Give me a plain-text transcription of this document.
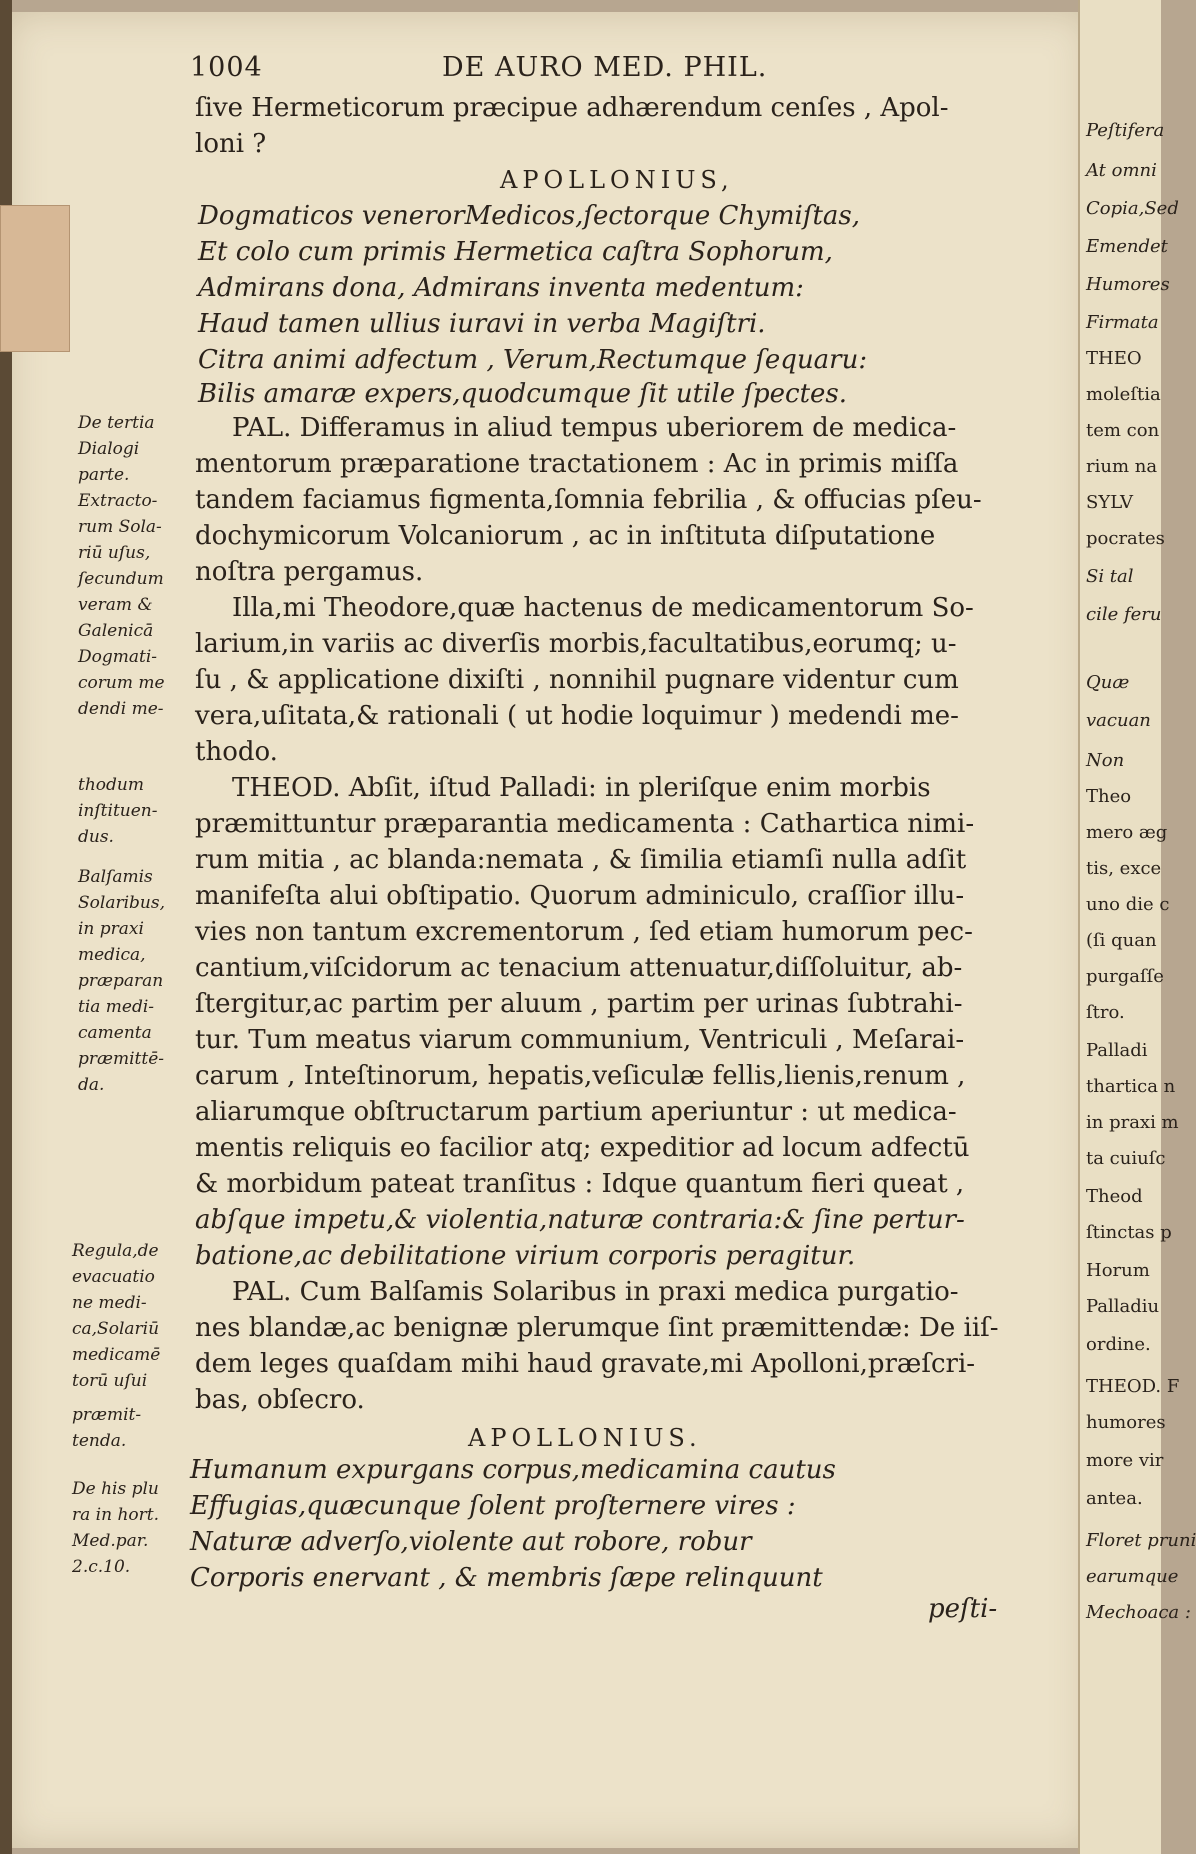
1004	DE AURO MED. PHIL.
ſive Hermeticorum præcipue adhærendum cenſes , Apol-
loni ?
APOLLONIUS,
Dogmaticos venerorMedicos,ſectorque Chymiſtas,
Et colo cum primis Hermetica caſtra Sophorum,
Admirans dona, Admirans inventa medentum:
Haud tamen ullius iuravi in verba Magiſtri.
Citra animi adfectum , Verum,Rectumque ſequaru:
Bilis amaræ expers,quodcumque ſit utile ſpectes.
PAL. Differamus in aliud tempus uberiorem de medica-
mentorum præparatione tractationem : Ac in primis miſſa
tandem faciamus figmenta,ſomnia febrilia , & offucias pſeu-
dochymicorum Volcaniorum , ac in inſtituta diſputatione
noſtra pergamus.
Illa,mi Theodore,quæ hactenus de medicamentorum So-
larium,in variis ac diverſis morbis,facultatibus,eorumq; u-
ſu , & applicatione dixiſti , nonnihil pugnare videntur cum
vera,uſitata,& rationali ( ut hodie loquimur ) medendi me-
thodo.
THEOD. Abſit, iſtud Palladi: in pleriſque enim morbis
præmittuntur præparantia medicamenta : Cathartica nimi-
rum mitia , ac blanda:nemata , & ſimilia etiamſi nulla adſit
manifeſta alui obſtipatio. Quorum adminiculo, craſſior illu-
vies non tantum excrementorum , ſed etiam humorum pec-
cantium,viſcidorum ac tenacium attenuatur,diſſoluitur, ab-
ſtergitur,ac partim per aluum , partim per urinas ſubtrahi-
tur. Tum meatus viarum communium, Ventriculi , Meſarai-
carum , Inteſtinorum, hepatis,veſiculæ fellis,lienis,renum ,
aliarumque obſtructarum partium aperiuntur : ut medica-
mentis reliquis eo facilior atq; expeditior ad locum adfectū
& morbidum pateat tranſitus : Idque quantum fieri queat ,
abſque impetu,& violentia,naturæ contraria:& ſine pertur-
batione,ac debilitatione virium corporis peragitur.
PAL. Cum Balſamis Solaribus in praxi medica purgatio-
nes blandæ,ac benignæ plerumque ſint præmittendæ: De iiſ-
dem leges quaſdam mihi haud gravate,mi Apolloni,præſcri-
bas, obſecro.
APOLLONIUS.
Humanum expurgans corpus,medicamina cautus
Effugias,quæcunque ſolent proſternere vires :
Naturæ adverſo,violente aut robore, robur
Corporis enervant , & membris ſæpe relinquunt
peſti-
De tertia
Dialogi
parte.
Extracto-
rum Sola-
riū uſus,
ſecundum
veram &
Galenicā
Dogmati-
corum me
dendi me-
thodum
inſtituen-
dus.
Balſamis
Solaribus,
in praxi
medica,
præparan
tia medi-
camenta
præmittē-
da.
Regula,de
evacuatio
ne medi-
ca,Solariū
medicamē
torū uſui
præmit-
tenda.
De his plu
ra in hort.
Med.par.
2.c.10.
Peſtifera
At omni
Copia,Sed
Emendet
Humores
Firmata
THEO
moleſtia
tem con
rium na
SYLV
pocrates
Si tal
cile feru
Quæ
vacuan
Non
Theo
mero æg
tis, exce
uno die c
(ſi quan
purgaſſe
ſtro.
Palladi
thartica n
in praxi m
ta cuiuſc
Theod
ſtinctas p
Horum
Palladiu
ordine.
THEOD. F
humores
more vir
antea.
Floret pruni
earumque
Mechoaca :
